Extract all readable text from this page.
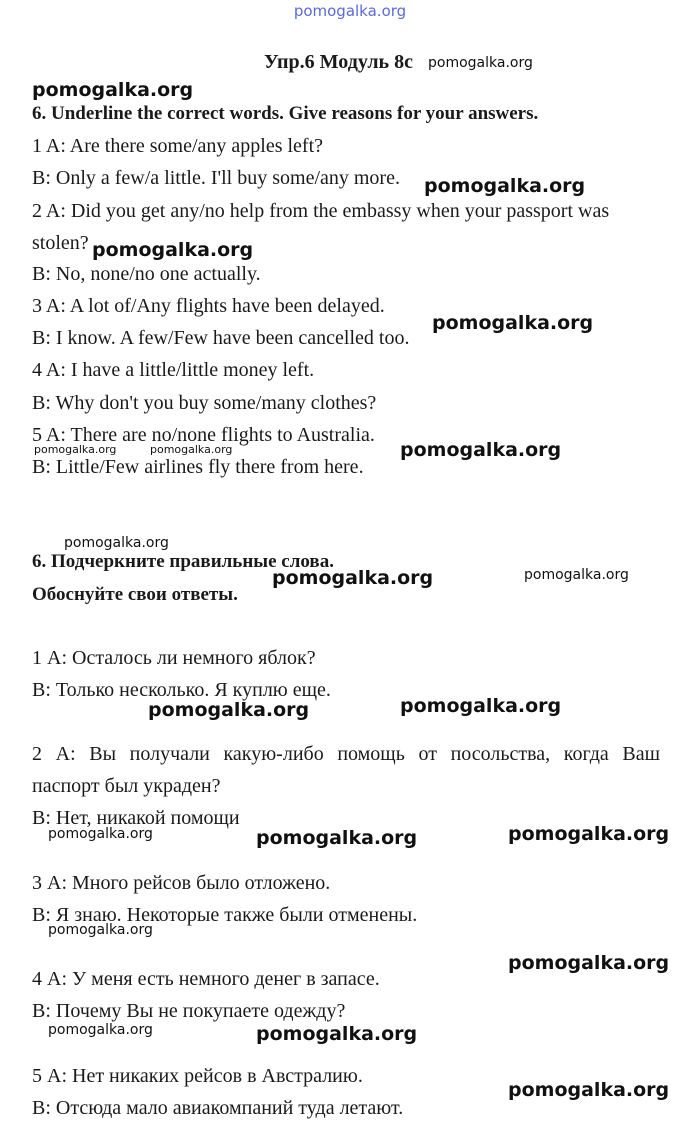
pomogalka.org
Упр.6 Модуль 8с
6. Underline the correct words. Give reasons for your answers.
1 A: Are there some/any apples left?
B: Only a few/a little. I'll buy some/any more.
2 A: Did you get any/no help from the embassy when your passport was
stolen?
B: No, none/no one actually.
3 A: A lot of/Any flights have been delayed.
B: I know. A few/Few have been cancelled too.
4 A: I have a little/little money left.
B: Why don't you buy some/many clothes?
5 A: There are no/none flights to Australia.
B: Little/Few airlines fly there from here.
6. Подчеркните правильные слова.
Обоснуйте свои ответы.
1 А: Осталось ли немного яблок?
В: Только несколько. Я куплю еще.
2 А: Вы получали какую-либо помощь от посольства, когда Ваш
паспорт был украден?
В: Нет, никакой помощи
3 А: Много рейсов было отложено.
В: Я знаю. Некоторые также были отменены.
4 А: У меня есть немного денег в запасе.
В: Почему Вы не покупаете одежду?
5 А: Нет никаких рейсов в Австралию.
В: Отсюда мало авиакомпаний туда летают.
pomogalka.org
pomogalka.org
pomogalka.org
pomogalka.org
pomogalka.org
pomogalka.org	pomogalka.org	pomogalka.org
pomogalka.org
pomogalka.org
pomogalka.org
pomogalka.org	pomogalka.org
pomogalka.org	pomogalka.org	pomogalka.org
pomogalka.org
pomogalka.org
pomogalka.org	pomogalka.org
pomogalka.org
